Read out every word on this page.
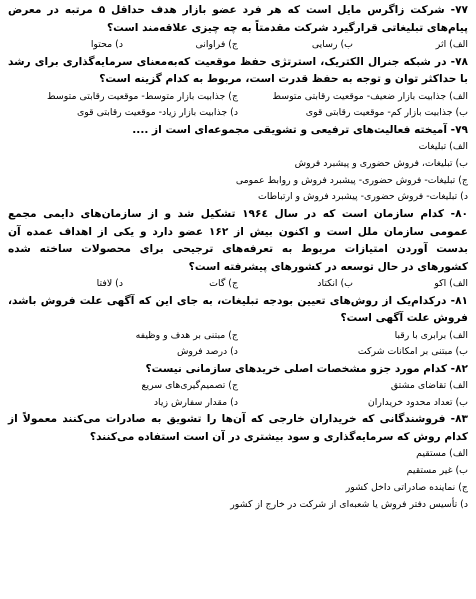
۷۷- شرکت زاگرس مایل است که هر فرد عضو بازار هدف حداقل ۵ مرتبه در معرض پیام‌های تبلیغاتی قرارگیرد شرکت مقدمتاً به چه چیزی علاقه‌مند است؟

الف) اثر
ب) رسایی
ج) فراوانی
د) محتوا

۷۸- در شبکه جنرال الکتریک، استرتژی حفظ موقعیت که‌به‌معنای سرمایه‌گذاری برای رشد با حداکثر توان و توجه به حفظ قدرت است، مربوط به کدام گزینه است؟

الف) جذابیت بازار ضعیف- موقعیت رقابتی متوسط
ج) جذابیت بازار متوسط- موقعیت رقابتی متوسط
ب) جذابیت بازار کم- موقعیت رقابتی قوی
د) جذابیت بازار زیاد- موقعیت رقابتی قوی

۷۹- آمیخته فعالیت‌های ترفیعی و تشویقی مجموعه‌ای است از ....

الف) تبلیغات

ب) تبلیغات، فروش حضوری و پیشبرد فروش

ج) تبلیغات- فروش حضوری- پیشبرد فروش و روابط عمومی

د) تبلیغات- فروش حضوری- پیشبرد فروش و ارتباطات

۸۰- کدام سازمان است که در سال ۱۹۶٤ تشکیل شد و از سازمان‌های دایمی مجمع عمومی سازمان ملل است و اکنون بیش از ۱۶۲ عضو دارد و یکی از اهداف عمده آن بدست آوردن امتیازات مربوط به تعرفه‌های ترجیحی برای محصولات ساخته شده کشورهای در حال توسعه در کشورهای پیشرفته است؟

الف) اکو
ب) انکتاد
ج) گات
د) لافتا

۸۱- درکدام‌یک از روش‌های تعیین بودجه تبلیغات، به جای این که آگهی علت فروش باشد، فروش علت آگهی است؟

الف) برابری با رقبا
ج) مبتنی بر هدف و وظیفه
ب) مبتنی بر امکانات شرکت
د) درصد فروش

۸۲- کدام مورد جزو مشخصات اصلی خریدهای سازمانی نیست؟

الف) تقاضای مشتق
ج) تصمیم‌گیری‌های سریع
ب) تعداد محدود خریداران
د) مقدار سفارش زیاد

۸۳- فروشندگانی که خریداران خارجی که آن‌ها را تشویق به صادرات می‌کنند معمولاً از کدام روش که سرمایه‌گذاری و سود بیشتری در آن است استفاده می‌کنند؟

الف) مستقیم

ب) غیر مستقیم

ج) نماینده صادراتی داخل کشور

د) تأسیس دفتر فروش یا شعبه‌ای از شرکت در خارج از کشور
